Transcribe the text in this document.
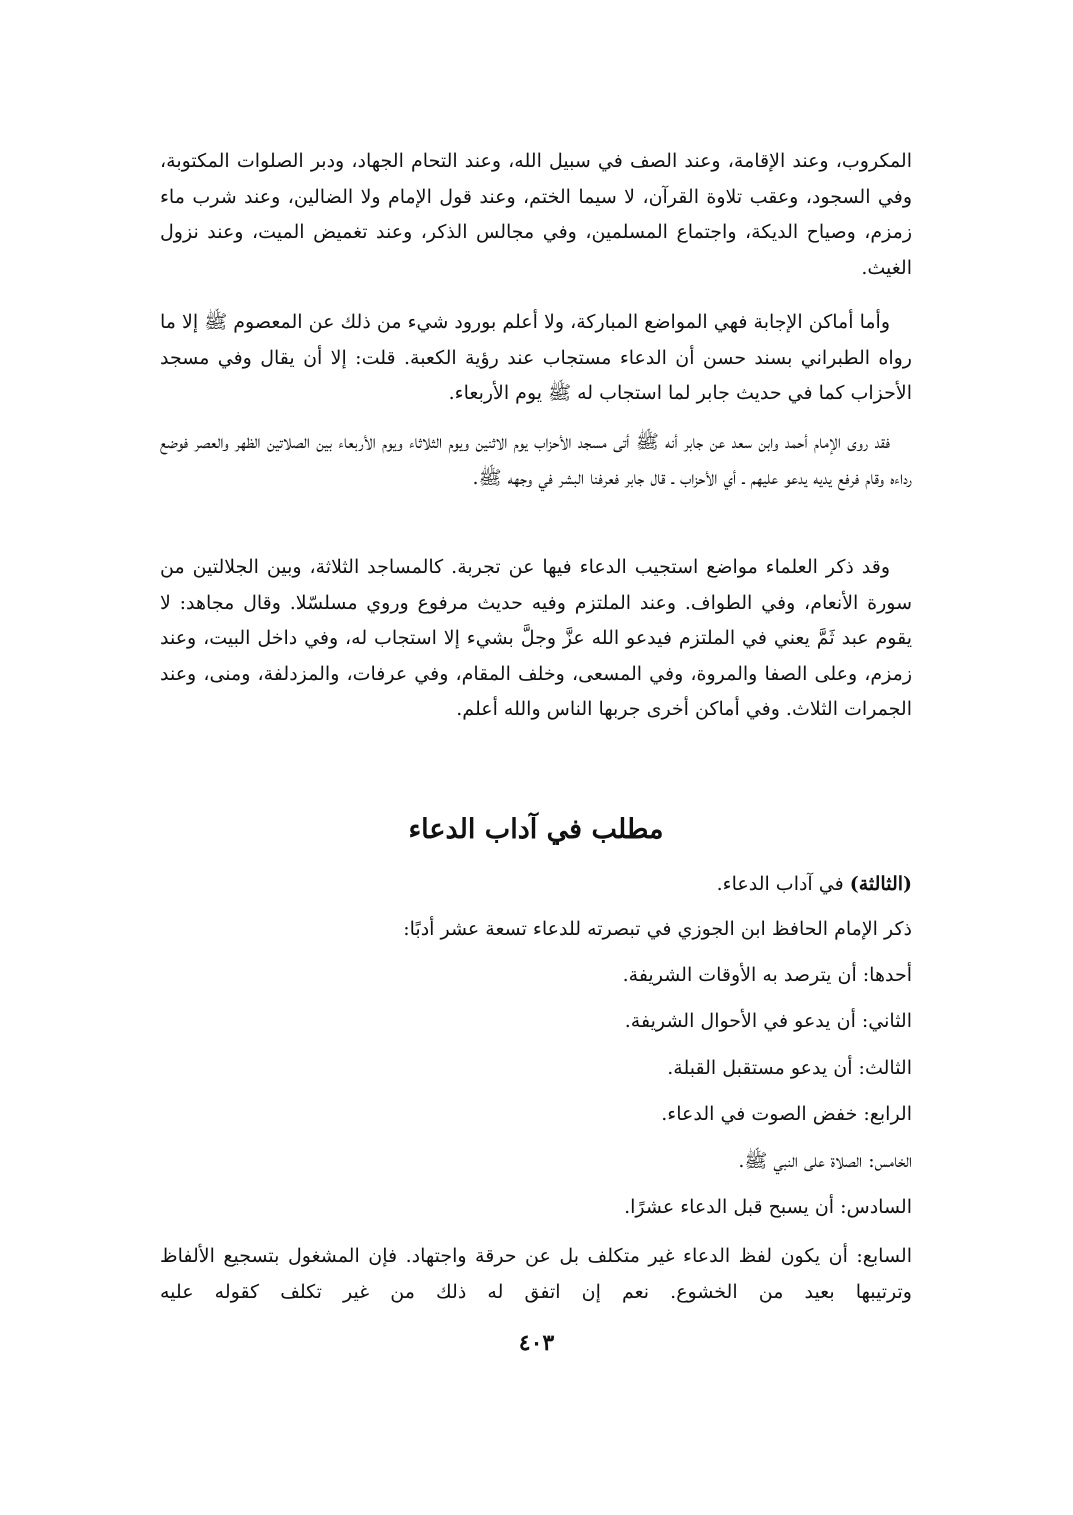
المكروب، وعند الإقامة، وعند الصف في سبيل الله، وعند التحام الجهاد، ودبر الصلوات المكتوبة، وفي السجود، وعقب تلاوة القرآن، لا سيما الختم، وعند قول الإمام ولا الضالين، وعند شرب ماء زمزم، وصياح الديكة، واجتماع المسلمين، وفي مجالس الذكر، وعند تغميض الميت، وعند نزول الغيث.

وأما أماكن الإجابة فهي المواضع المباركة، ولا أعلم بورود شيء من ذلك عن المعصوم ﷺ إلا ما رواه الطبراني بسند حسن أن الدعاء مستجاب عند رؤية الكعبة. قلت: إلا أن يقال وفي مسجد الأحزاب كما في حديث جابر لما استجاب له ﷺ يوم الأربعاء.

فقد روى الإمام أحمد وابن سعد عن جابر أنه ﷺ أتى مسجد الأحزاب يوم الاثنين ويوم الثلاثاء ويوم الأربعاء بين الصلاتين الظهر والعصر فوضع رداءه وقام فرفع يديه يدعو عليهم ـ أي الأحزاب ـ قال جابر فعرفنا البشر في وجهه ﷺ.

وقد ذكر العلماء مواضع استجيب الدعاء فيها عن تجربة. كالمساجد الثلاثة، وبين الجلالتين من سورة الأنعام، وفي الطواف. وعند الملتزم وفيه حديث مرفوع وروي مسلسّلا. وقال مجاهد: لا يقوم عبد ثَمَّ يعني في الملتزم فيدعو الله عزَّ وجلَّ بشيء إلا استجاب له، وفي داخل البيت، وعند زمزم، وعلى الصفا والمروة، وفي المسعى، وخلف المقام، وفي عرفات، والمزدلفة، ومنى، وعند الجمرات الثلاث. وفي أماكن أخرى جربها الناس والله أعلم.

مطلب في آداب الدعاء
(الثالثة) في آداب الدعاء.
ذكر الإمام الحافظ ابن الجوزي في تبصرته للدعاء تسعة عشر أدبًا:
أحدها: أن يترصد به الأوقات الشريفة.
الثاني: أن يدعو في الأحوال الشريفة.
الثالث: أن يدعو مستقبل القبلة.
الرابع: خفض الصوت في الدعاء.
الخامس: الصلاة على النبي ﷺ.
السادس: أن يسبح قبل الدعاء عشرًا.
السابع: أن يكون لفظ الدعاء غير متكلف بل عن حرقة واجتهاد. فإن المشغول بتسجيع الألفاظ وترتيبها بعيد من الخشوع. نعم إن اتفق له ذلك من غير تكلف كقوله عليه
٤٠٣
